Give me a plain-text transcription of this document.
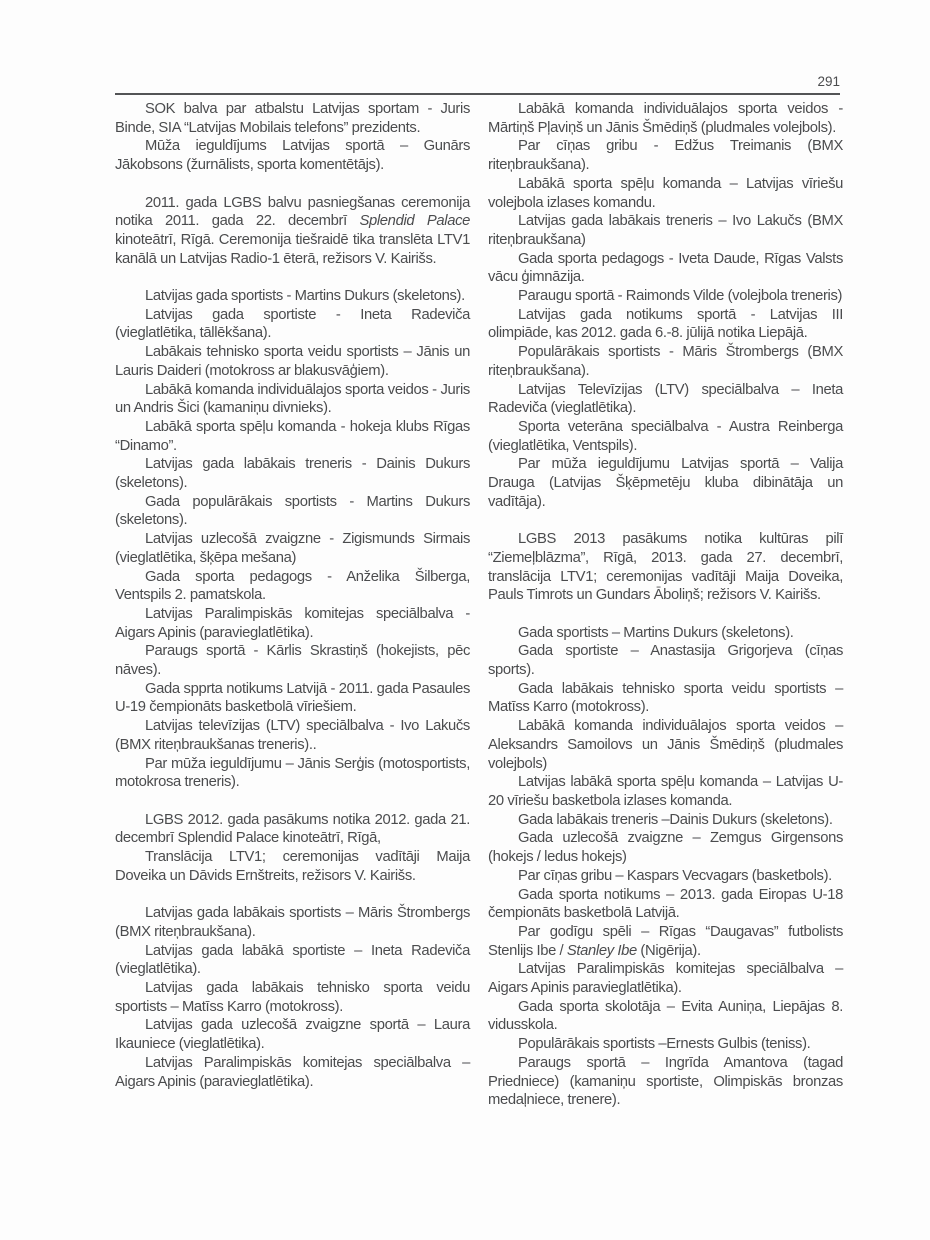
291

SOK balva par atbalstu Latvijas sportam - Juris Binde, SIA “Latvijas Mobilais telefons” prezidents.

Mūža ieguldījums Latvijas sportā – Gunārs Jākobsons (žurnālists, sporta komentētājs).

2011. gada LGBS balvu pasniegšanas ceremonija notika 2011. gada 22. decembrī Splendid Palace kinoteātrī, Rīgā. Ceremonija tiešraidē tika translēta LTV1 kanālā un Latvijas Radio-1 ēterā, režisors V. Kairišs.

Latvijas gada sportists - Martins Dukurs (skeletons).

Latvijas gada sportiste - Ineta Radeviča (vieglatlētika, tāllēkšana).

Labākais tehnisko sporta veidu sportists – Jānis un Lauris Daideri (motokross ar blakusvāģiem).

Labākā komanda individuālajos sporta veidos - Juris un Andris Šici (kamaniņu divnieks).

Labākā sporta spēļu komanda - hokeja klubs Rīgas “Dinamo”.

Latvijas gada labākais treneris - Dainis Dukurs (skeletons).

Gada populārākais sportists - Martins Dukurs (skeletons).

Latvijas uzlecošā zvaigzne - Zigismunds Sirmais (vieglatlētika, šķēpa mešana)

Gada sporta pedagogs - Anželika Šilberga, Ventspils 2. pamatskola.

Latvijas Paralimpiskās komitejas speciālbalva - Aigars Apinis (paravieglatlētika).

Paraugs sportā - Kārlis Skrastiņš (hokejists, pēc nāves).

Gada spprta notikums Latvijā - 2011. gada Pasaules U-19 čempionāts basketbolā vīriešiem.

Latvijas televīzijas (LTV) speciālbalva - Ivo Lakučs (BMX riteņbraukšanas treneris)..

Par mūža ieguldījumu – Jānis Serģis (motosportists, motokrosa treneris).

LGBS 2012. gada pasākums notika 2012. gada 21. decembrī Splendid Palace kinoteātrī, Rīgā,

Translācija LTV1; ceremonijas vadītāji Maija Doveika un Dāvids Ernštreits, režisors V. Kairišs.

Latvijas gada labākais sportists – Māris Štrombergs (BMX riteņbraukšana).

Latvijas gada labākā sportiste – Ineta Radeviča (vieglatlētika).

Latvijas gada labākais tehnisko sporta veidu sportists – Matīss Karro (motokross).

Latvijas gada uzlecošā zvaigzne sportā – Laura Ikauniece (vieglatlētika).

Latvijas Paralimpiskās komitejas speciālbalva – Aigars Apinis (paravieglatlētika).

Labākā komanda individuālajos sporta veidos - Mārtiņš Pļaviņš un Jānis Šmēdiņš (pludmales volejbols).

Par cīņas gribu - Edžus Treimanis (BMX riteņbraukšana).

Labākā sporta spēļu komanda – Latvijas vīriešu volejbola izlases komandu.

Latvijas gada labākais treneris – Ivo Lakučs (BMX riteņbraukšana)

Gada sporta pedagogs - Iveta Daude, Rīgas Valsts vācu ģimnāzija.

Paraugu sportā - Raimonds Vilde (volejbola treneris)

Latvijas gada notikums sportā - Latvijas III olimpiāde, kas 2012. gada 6.-8. jūlijā notika Liepājā.

Populārākais sportists - Māris Štrombergs (BMX riteņbraukšana).

Latvijas Televīzijas (LTV) speciālbalva – Ineta Radeviča (vieglatlētika).

Sporta veterāna speciālbalva - Austra Reinberga (vieglatlētika, Ventspils).

Par mūža ieguldījumu Latvijas sportā – Valija Drauga (Latvijas Šķēpmetēju kluba dibinātāja un vadītāja).

LGBS 2013 pasākums notika kultūras pilī “Ziemeļblāzma”, Rīgā, 2013. gada 27. decembrī, translācija LTV1; ceremonijas vadītāji Maija Doveika, Pauls Timrots un Gundars Āboliņš; režisors V. Kairišs.

Gada sportists – Martins Dukurs (skeletons).

Gada sportiste – Anastasija Grigorjeva (cīņas sports).

Gada labākais tehnisko sporta veidu sportists – Matīss Karro (motokross).

Labākā komanda individuālajos sporta veidos – Aleksandrs Samoilovs un Jānis Šmēdiņš (pludmales volejbols)

Latvijas labākā sporta spēļu komanda – Latvijas U-20 vīriešu basketbola izlases komanda.

Gada labākais treneris –Dainis Dukurs (skeletons).

Gada uzlecošā zvaigzne – Zemgus Girgensons (hokejs / ledus hokejs)

Par cīņas gribu – Kaspars Vecvagars (basketbols).

Gada sporta notikums – 2013. gada Eiropas U-18 čempionāts basketbolā Latvijā.

Par godīgu spēli – Rīgas “Daugavas” futbolists Stenlijs Ibe / Stanley Ibe (Nigērija).

Latvijas Paralimpiskās komitejas speciālbalva – Aigars Apinis paravieglatlētika).

Gada sporta skolotāja – Evita Auniņa, Liepājas 8. vidusskola.

Populārākais sportists –Ernests Gulbis (teniss).

Paraugs sportā – Ingrīda Amantova (tagad Priedniece) (kamaniņu sportiste, Olimpiskās bronzas medaļniece, trenere).
